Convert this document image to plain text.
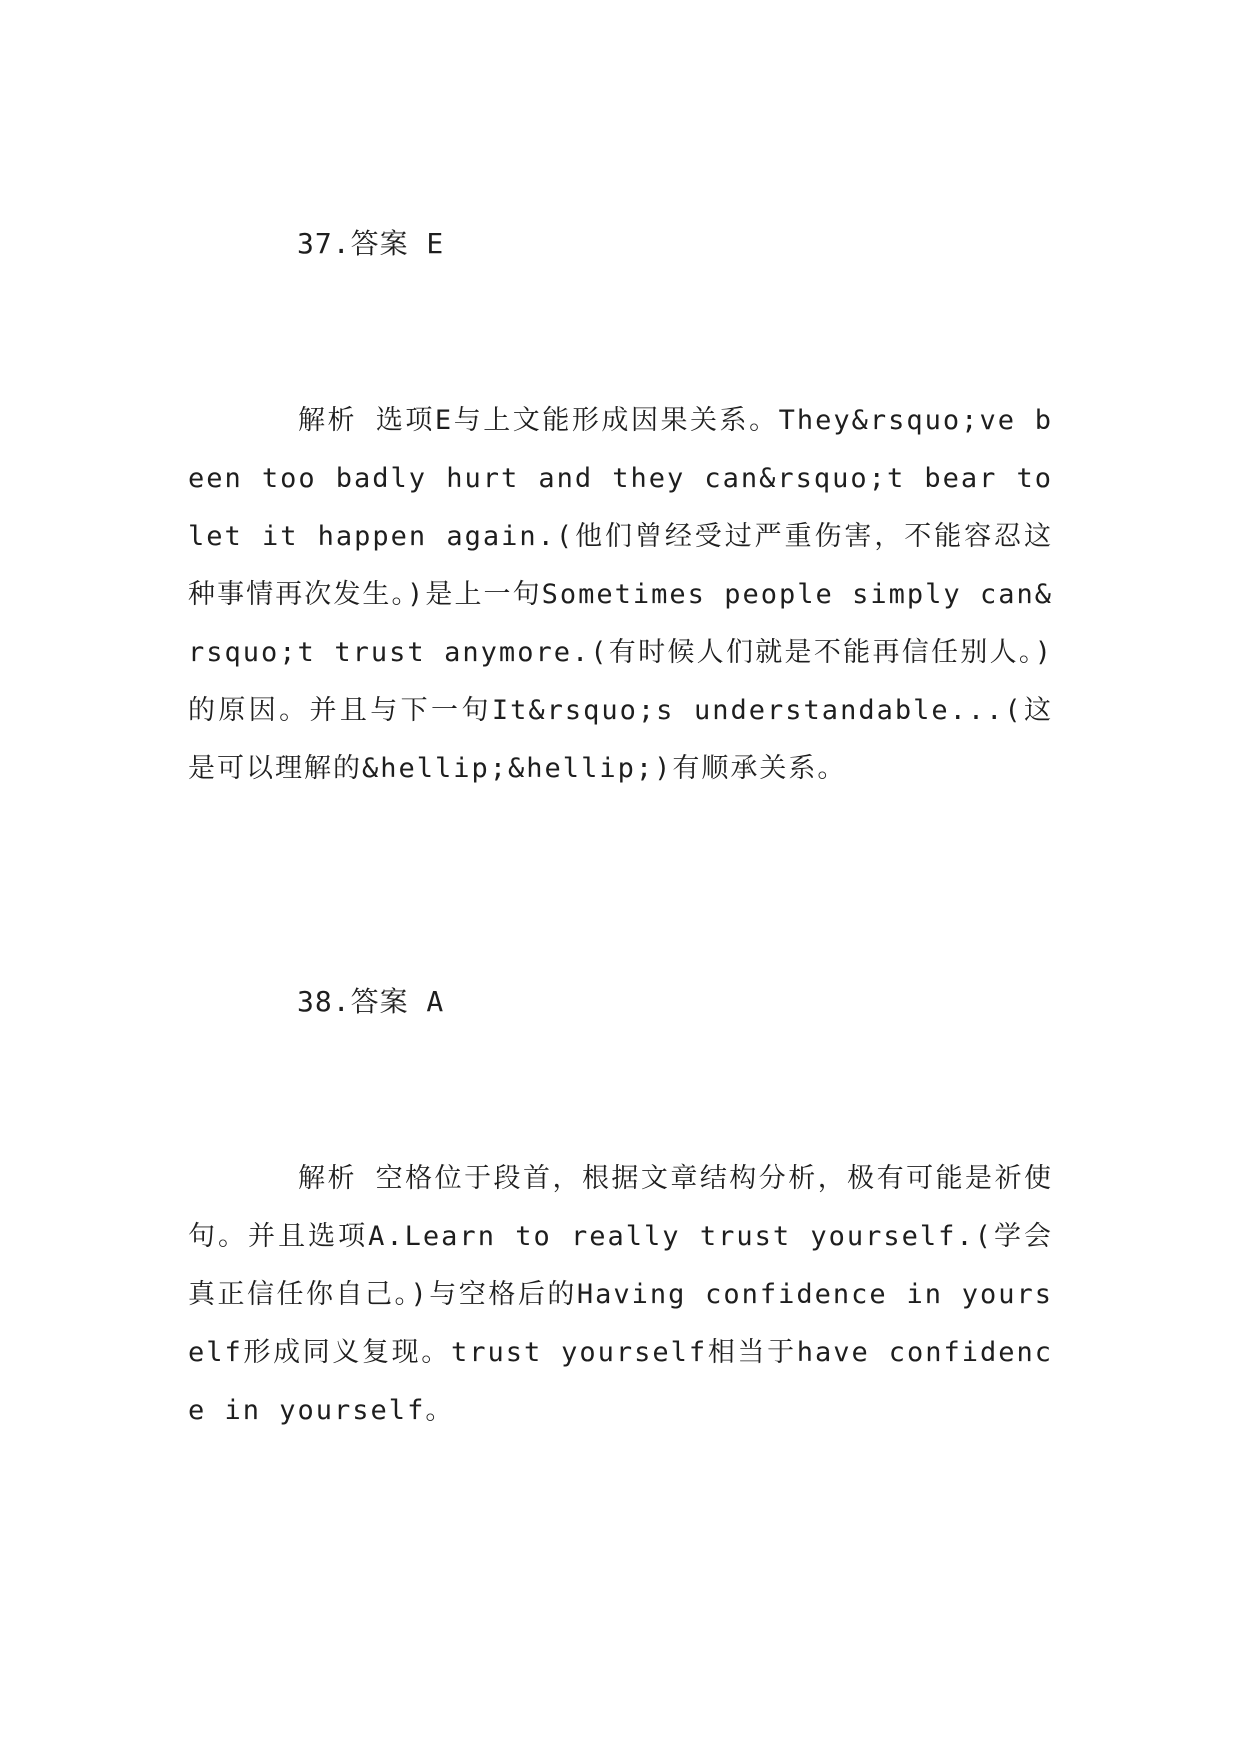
37.答案 E
解析 选项E与上文能形成因果关系。They&rsquo;ve been too badly hurt and they can&rsquo;t bear to let it happen again.(他们曾经受过严重伤害，不能容忍这种事情再次发生。)是上一句Sometimes people simply can&rsquo;t trust anymore.(有时候人们就是不能再信任别人。)的原因。并且与下一句It&rsquo;s understandable...(这是可以理解的&hellip;&hellip;)有顺承关系。
38.答案 A
解析 空格位于段首，根据文章结构分析，极有可能是祈使句。并且选项A.Learn to really trust yourself.(学会真正信任你自己。)与空格后的Having confidence in yourself形成同义复现。trust yourself相当于have confidence in yourself。
